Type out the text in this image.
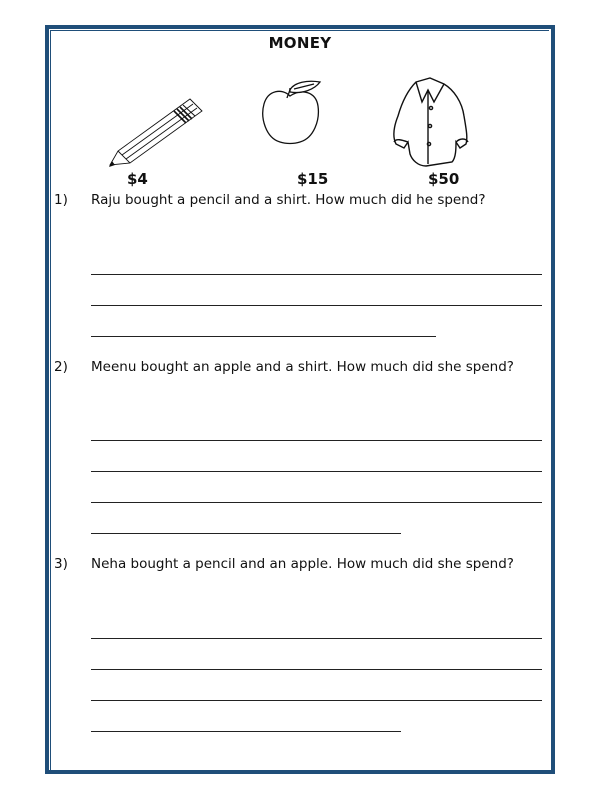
MONEY
$4	$15	$50
1) Raju bought a pencil and a shirt. How much did he spend?
2) Meenu bought an apple and a shirt. How much did she spend?
3) Neha bought a pencil and an apple. How much did she spend?
